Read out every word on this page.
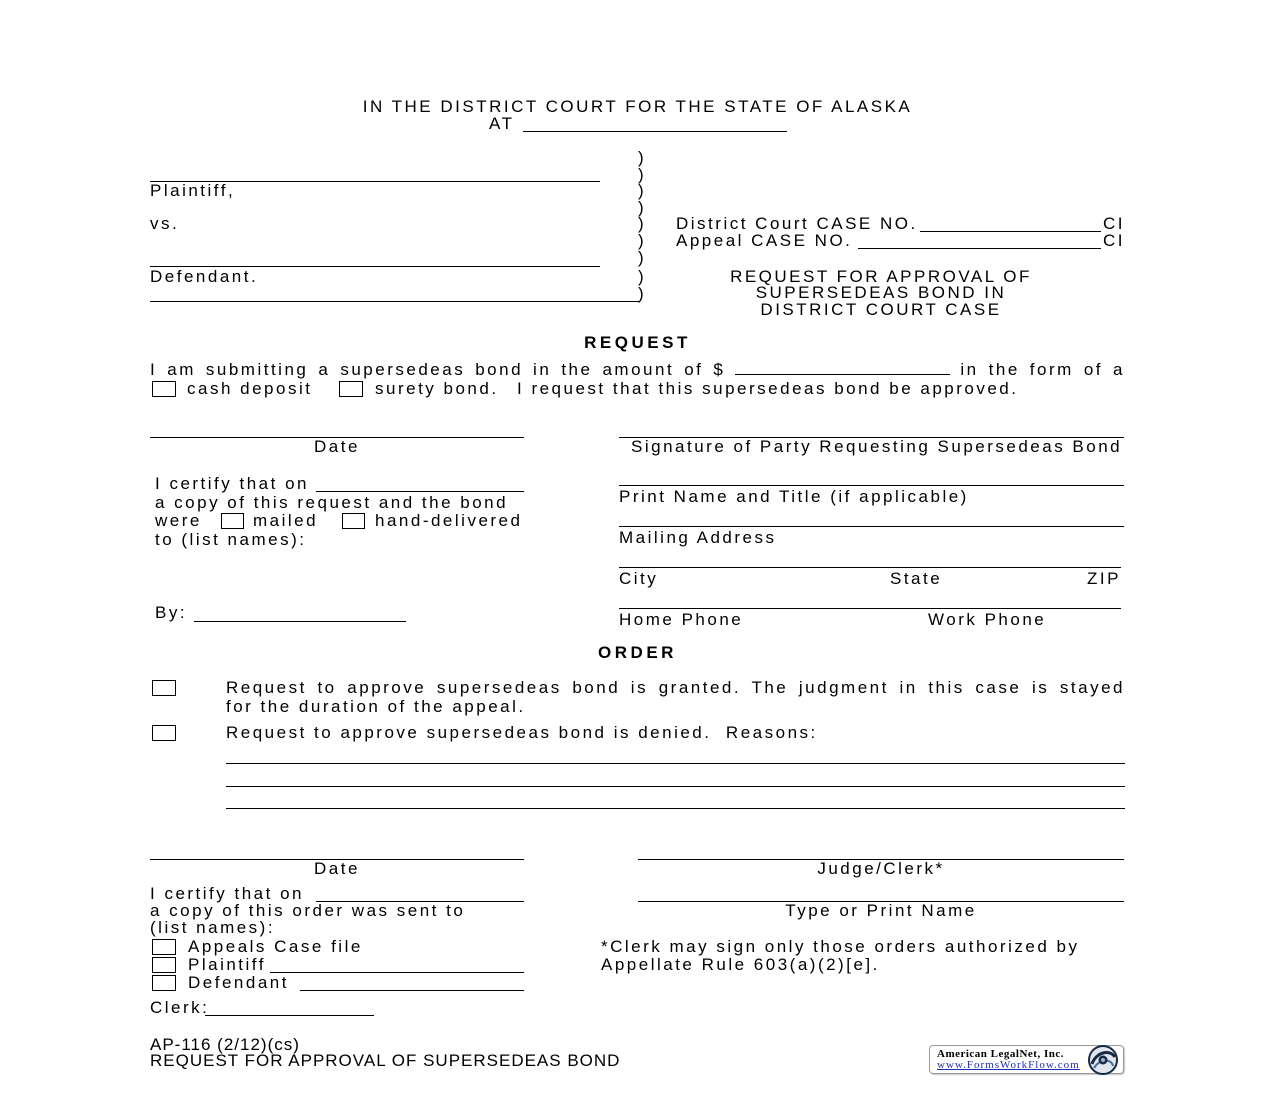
IN THE DISTRICT COURT FOR THE STATE OF ALASKA
AT
Plaintiff,
vs.
Defendant.
)
)
)
)
)
)
)
)
)
District Court CASE NO.	CI
Appeal CASE NO.	CI
REQUEST FOR APPROVAL OF
SUPERSEDEAS BOND IN
DISTRICT COURT CASE
REQUEST
I am submitting a supersedeas bond in the amount of $	in the form of a
cash deposit	surety bond. I request that this supersedeas bond be approved.
Date	Signature of Party Requesting Supersedeas Bond
I certify that on
a copy of this request and the bond
were	mailed	hand-delivered
to (list names):
Print Name and Title (if applicable)
Mailing Address
City	State	ZIP
Home Phone	Work Phone
By:
ORDER
Request to approve supersedeas bond is granted. The judgment in this case is stayed
for the duration of the appeal.
Request to approve supersedeas bond is denied.  Reasons:
Date	Judge/Clerk*
I certify that on
Type or Print Name
a copy of this order was sent to
(list names):
Appeals Case file
Plaintiff
Defendant
Clerk:
*Clerk may sign only those orders authorized by
Appellate Rule 603(a)(2)[e].
AP-116 (2/12)(cs)
REQUEST FOR APPROVAL OF SUPERSEDEAS BOND	American LegalNet, Inc.
www.FormsWorkFlow.com
